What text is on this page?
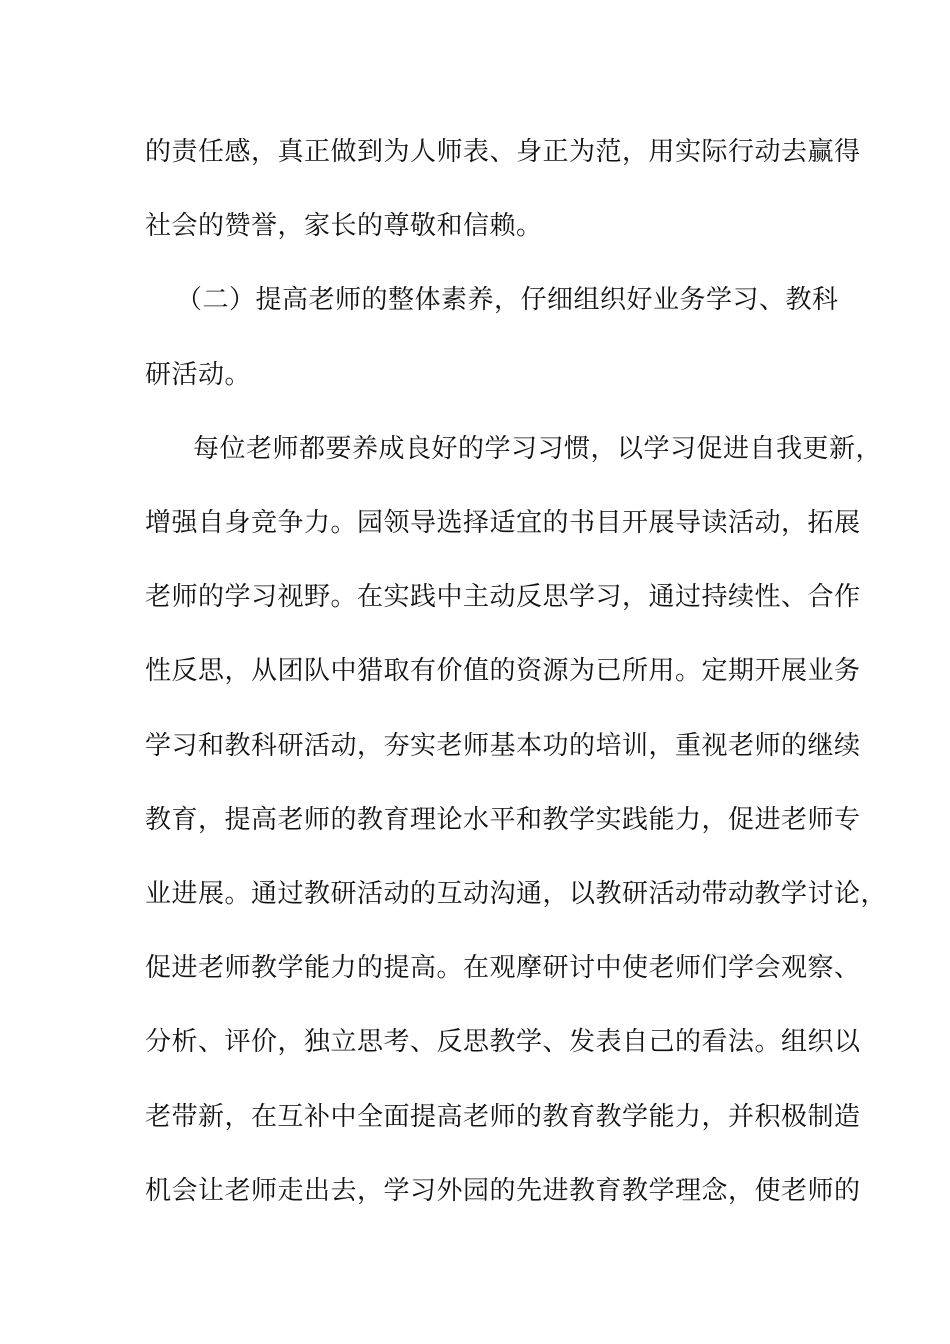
的责任感，真正做到为人师表、身正为范，用实际行动去赢得
社会的赞誉，家长的尊敬和信赖。
（二）提高老师的整体素养，仔细组织好业务学习、教科
研活动。
每位老师都要养成良好的学习习惯，以学习促进自我更新，
增强自身竞争力。园领导选择适宜的书目开展导读活动，拓展
老师的学习视野。在实践中主动反思学习，通过持续性、合作
性反思，从团队中猎取有价值的资源为已所用。定期开展业务
学习和教科研活动，夯实老师基本功的培训，重视老师的继续
教育，提高老师的教育理论水平和教学实践能力，促进老师专
业进展。通过教研活动的互动沟通，以教研活动带动教学讨论，
促进老师教学能力的提高。在观摩研讨中使老师们学会观察、
分析、评价，独立思考、反思教学、发表自己的看法。组织以
老带新，在互补中全面提高老师的教育教学能力，并积极制造
机会让老师走出去，学习外园的先进教育教学理念，使老师的
